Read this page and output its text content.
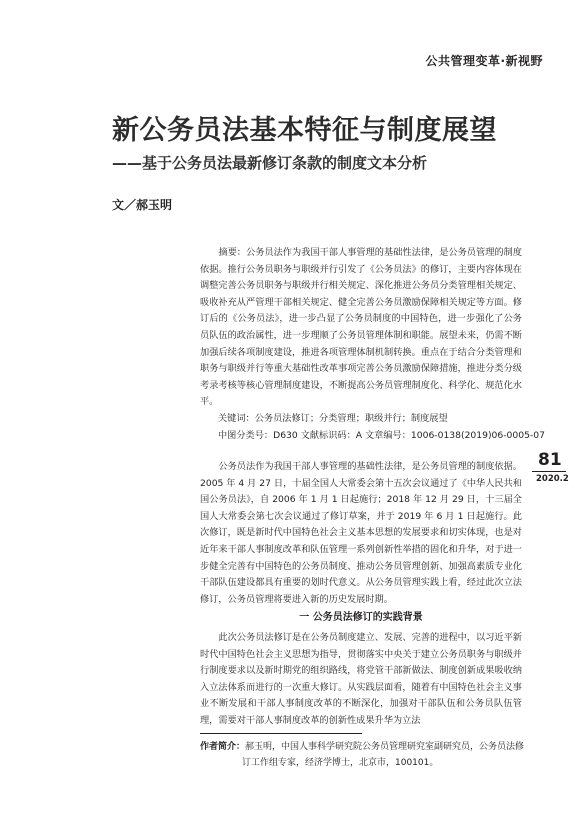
公共管理变革·新视野
新公务员法基本特征与制度展望
——基于公务员法最新修订条款的制度文本分析
文／郝玉明

摘要：公务员法作为我国干部人事管理的基础性法律，是公务员管理的制度依据。推行公务员职务与职级并行引发了《公务员法》的修订，主要内容体现在调整完善公务员职务与职级并行相关规定、深化推进公务员分类管理相关规定、吸收补充从严管理干部相关规定、健全完善公务员激励保障相关规定等方面。修订后的《公务员法》，进一步凸显了公务员制度的中国特色，进一步强化了公务员队伍的政治属性，进一步理顺了公务员管理体制和职能。展望未来，仍需不断加强后续各项制度建设，推进各项管理体制机制转换。重点在于结合分类管理和职务与职级并行等重大基础性改革事项完善公务员激励保障措施，推进分类分级考录考核等核心管理制度建设，不断提高公务员管理制度化、科学化、规范化水平。

关键词：公务员法修订；分类管理；职级并行；制度展望

中图分类号：D630 文献标识码：A 文章编号：1006-0138(2019)06-0005-07

81
2020.2

公务员法作为我国干部人事管理的基础性法律，是公务员管理的制度依据。2005 年 4 月 27 日，十届全国人大常委会第十五次会议通过了《中华人民共和国公务员法》，自 2006 年 1 月 1 日起施行；2018 年 12 月 29 日，十三届全国人大常委会第七次会议通过了修订草案，并于 2019 年 6 月 1 日起施行。此次修订，既是新时代中国特色社会主义基本思想的发展要求和切实体现，也是对近年来干部人事制度改革和队伍管理一系列创新性举措的固化和升华，对于进一步健全完善有中国特色的公务员制度、推动公务员管理创新、加强高素质专业化干部队伍建设都具有重要的划时代意义。从公务员管理实践上看，经过此次立法修订，公务员管理将要进入新的历史发展时期。

一 公务员法修订的实践背景

此次公务员法修订是在公务员制度建立、发展、完善的进程中，以习近平新时代中国特色社会主义思想为指导，贯彻落实中央关于建立公务员职务与职级并行制度要求以及新时期党的组织路线，将党管干部新做法、制度创新成果吸收纳入立法体系而进行的一次重大修订。从实践层面看，随着有中国特色社会主义事业不断发展和干部人事制度改革的不断深化，加强对干部队伍和公务员队伍管理，需要对干部人事制度改革的创新性成果升华为立法

作者简介：郝玉明，中国人事科学研究院公务员管理研究室副研究员，公务员法修
订工作组专家，经济学博士，北京市，100101。
